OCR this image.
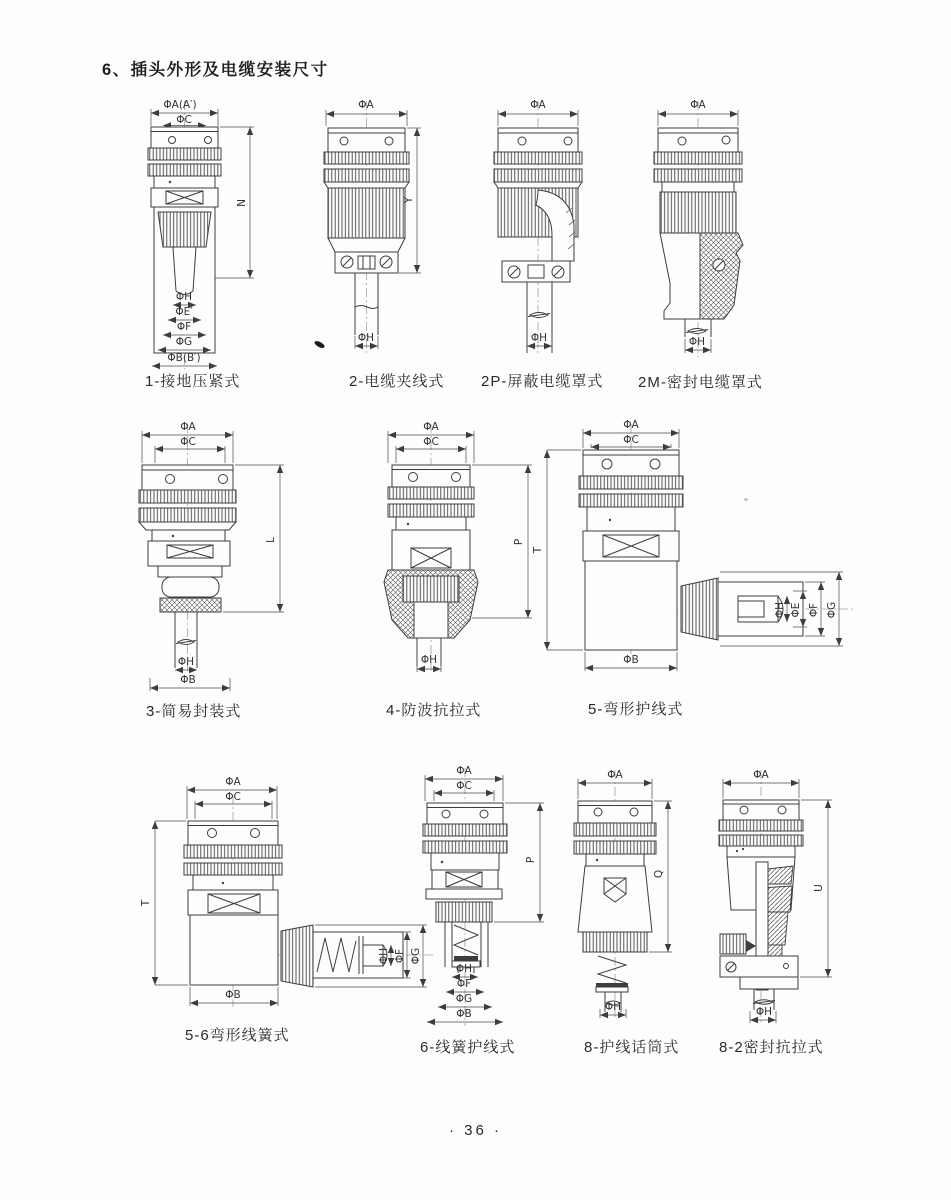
6、插头外形及电缆安装尺寸
ΦA(A′)
ΦC
ΦH
ΦE′
ΦF
ΦG
ΦB(B′)
N
ΦA
ΦH
Y
ΦA
ΦH
ΦA
ΦH
ΦA
ΦC
ΦH
ΦB
L
ΦA
ΦC
ΦH
P
ΦA
ΦC
ΦB
T
ΦH ΦE ΦF ΦG
ΦA
ΦC
ΦB
T
ΦH ΦF ΦG
ΦA
ΦC
ΦH
ΦF
ΦG
ΦB
P
ΦA
ΦH
Q
ΦA
ΦH
U
1-接地压紧式	2-电缆夹线式 2P-屏蔽电缆罩式 2M-密封电缆罩式
3-简易封装式	4-防波抗拉式	5-弯形护线式
5-6弯形线簧式
6-线簧护线式	8-护线话筒式	8-2密封抗拉式
· 36 ·
